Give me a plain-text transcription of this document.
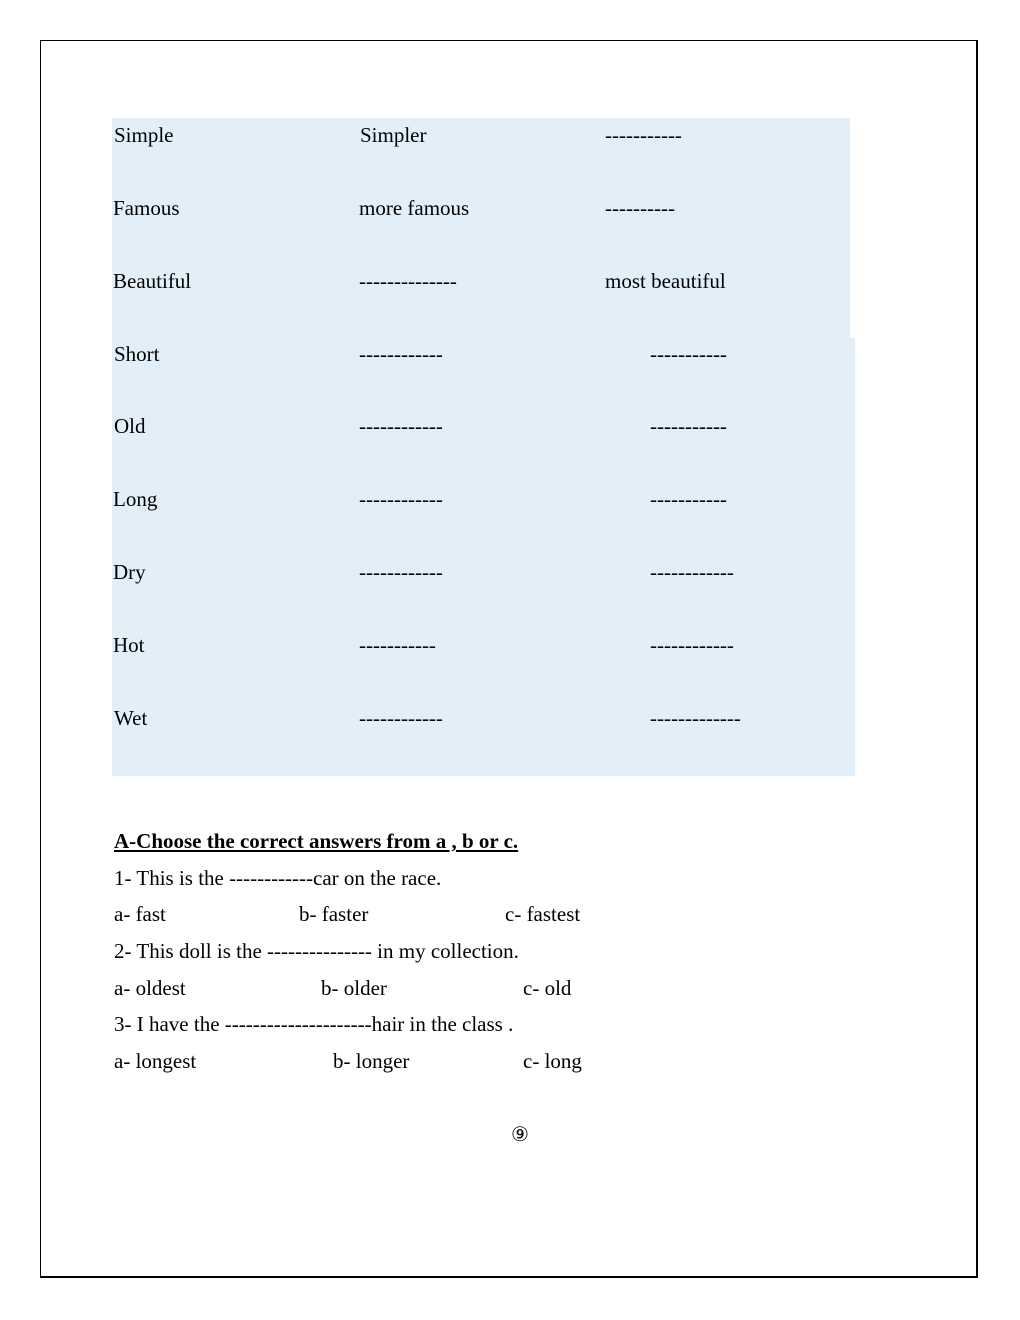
Simple	Simpler	-----------
Famous	more famous	----------
Beautiful	--------------	most beautiful
Short	------------	-----------
Old	------------	-----------
Long	------------	-----------
Dry	------------	------------
Hot	-----------	------------
Wet	------------	-------------
A-Choose the correct answers from a , b or c.
1- This is the ------------car on the race.
a- fast	b- faster	c- fastest
2- This doll is the --------------- in my collection.
a- oldest	b- older	c- old
3- I have the ---------------------hair in the class .
a- longest	b- longer	c- long
⑨
